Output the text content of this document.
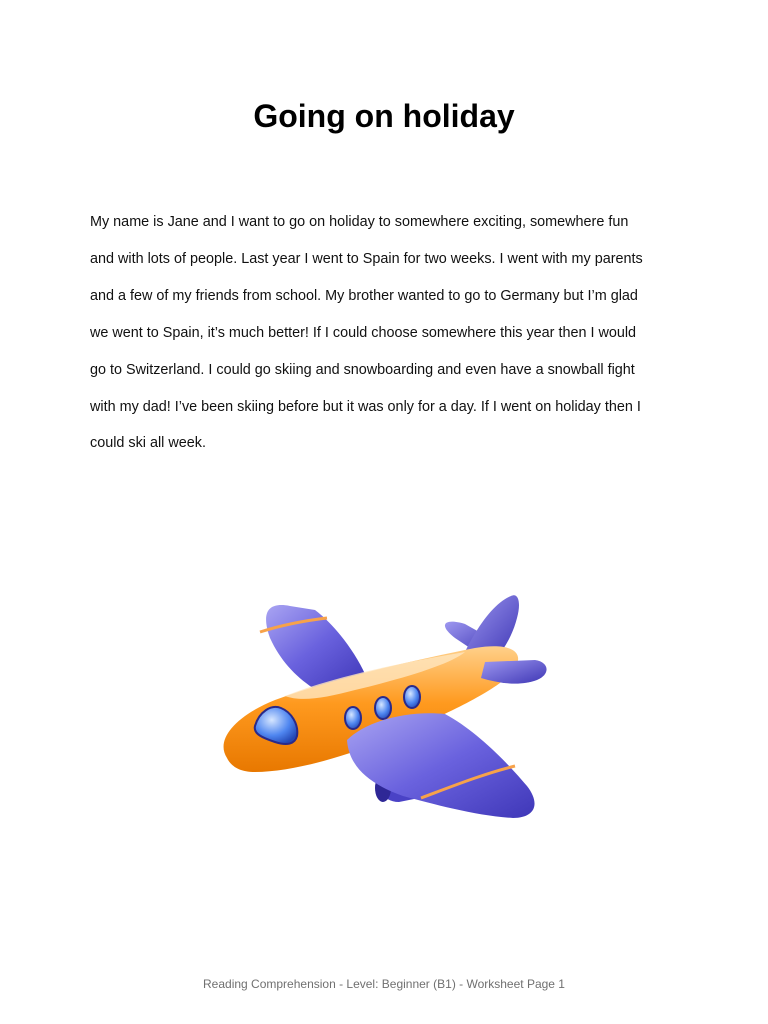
Going on holiday

My name is Jane and I want to go on holiday to somewhere exciting, somewhere fun
and with lots of people. Last year I went to Spain for two weeks. I went with my parents
and a few of my friends from school. My brother wanted to go to Germany but I’m glad
we went to Spain, it’s much better! If I could choose somewhere this year then I would
go to Switzerland. I could go skiing and snowboarding and even have a snowball fight
with my dad! I’ve been skiing before but it was only for a day. If I went on holiday then I
could ski all week.

Reading Comprehension - Level: Beginner (B1) - Worksheet Page 1
